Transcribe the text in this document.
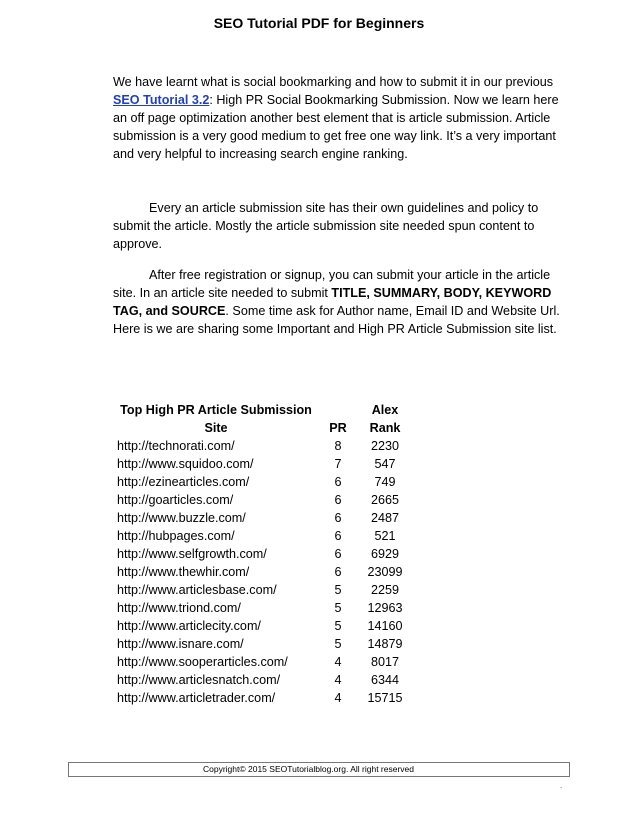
SEO Tutorial PDF for Beginners

We have learnt what is social bookmarking and how to submit it in our previous SEO Tutorial 3.2: High PR Social Bookmarking Submission. Now we learn here an off page optimization another best element that is article submission. Article submission is a very good medium to get free one way link. It’s a very important and very helpful to increasing search engine ranking.

Every an article submission site has their own guidelines and policy to submit the article. Mostly the article submission site needed spun content to approve.

After free registration or signup, you can submit your article in the article site. In an article site needed to submit TITLE, SUMMARY, BODY, KEYWORD TAG, and SOURCE. Some time ask for Author name, Email ID and Website Url. Here is we are sharing some Important and High PR Article Submission site list.

Top High PR Article Submission Site	PR	Alex Rank
http://technorati.com/	8	2230
http://www.squidoo.com/	7	547
http://ezinearticles.com/	6	749
http://goarticles.com/	6	2665
http://www.buzzle.com/	6	2487
http://hubpages.com/	6	521
http://www.selfgrowth.com/	6	6929
http://www.thewhir.com/	6	23099
http://www.articlesbase.com/	5	2259
http://www.triond.com/	5	12963
http://www.articlecity.com/	5	14160
http://www.isnare.com/	5	14879
http://www.sooperarticles.com/	4	8017
http://www.articlesnatch.com/	4	6344
http://www.articletrader.com/	4	15715
Copyright© 2015 SEOTutorialblog.org. All right reserved
.
